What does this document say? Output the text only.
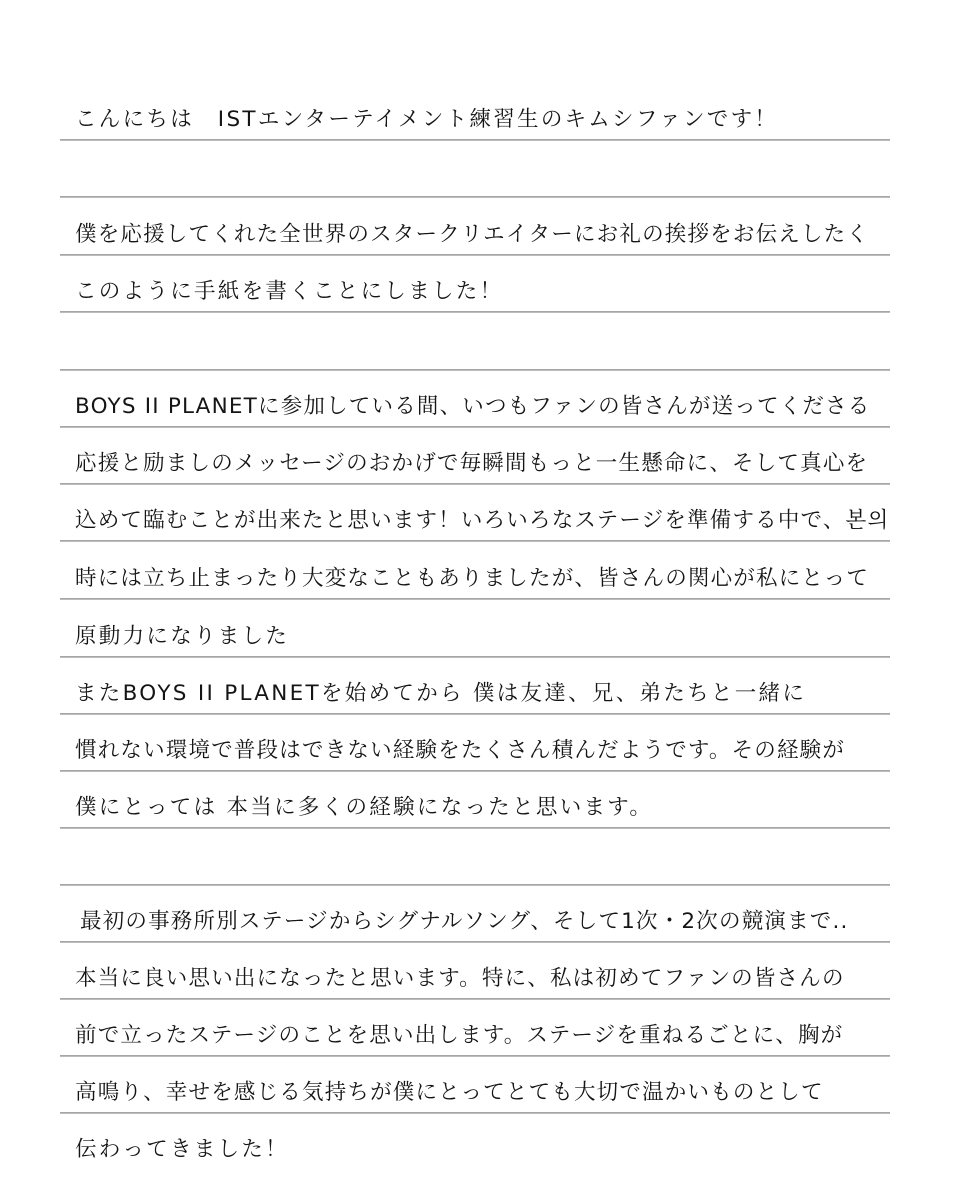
こんにちは　ISTエンターテイメント練習生のキムシファンです！
僕を応援してくれた全世界のスタークリエイターにお礼の挨拶をお伝えしたく
このように手紙を書くことにしました！
BOYS II PLANETに参加している間、いつもファンの皆さんが送ってくださる
応援と励ましのメッセージのおかげで毎瞬間もっと一生懸命に、そして真心を
込めて臨むことが出来たと思います！いろいろなステージを準備する中で、본의
時には立ち止まったり大変なこともありましたが、皆さんの関心が私にとって
原動力になりました
またBOYS II PLANETを始めてから 僕は友達、兄、弟たちと一緒に
慣れない環境で普段はできない経験をたくさん積んだようです。その経験が
僕にとっては 本当に多くの経験になったと思います。
最初の事務所別ステージからシグナルソング、そして1次・2次の競演まで..
本当に良い思い出になったと思います。特に、私は初めてファンの皆さんの
前で立ったステージのことを思い出します。ステージを重ねるごとに、胸が
高鳴り、幸せを感じる気持ちが僕にとってとても大切で温かいものとして
伝わってきました！
